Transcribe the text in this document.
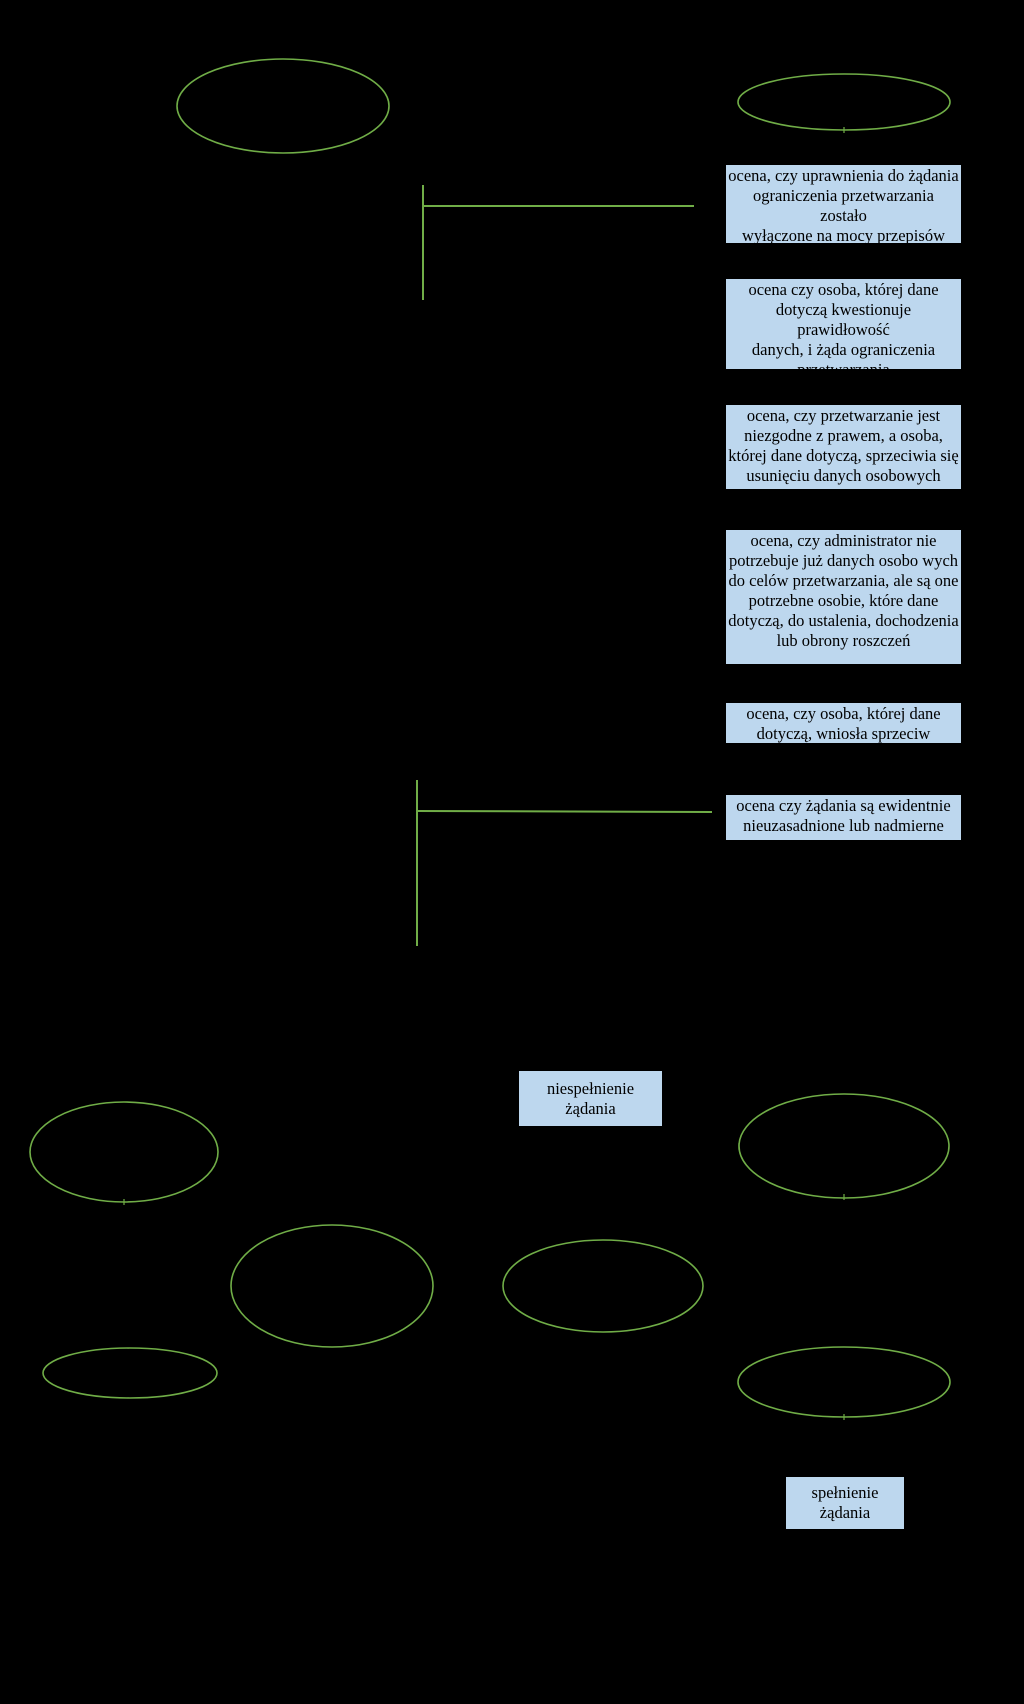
ocena, czy uprawnienia do żądania
ograniczenia przetwarzania zostało
wyłączone na mocy przepisów
szczególnych
ocena czy osoba, której dane
dotyczą kwestionuje prawidłowość
danych, i żąda ograniczenia
przetwarzania
ocena, czy przetwarzanie jest
niezgodne z prawem, a osoba,
której dane dotyczą, sprzeciwia się
usunięciu danych osobowych
ocena, czy administrator nie
potrzebuje już danych osobo wych
do celów przetwarzania, ale są one
potrzebne osobie, które dane
dotyczą, do ustalenia, dochodzenia
lub obrony roszczeń
ocena, czy osoba, której dane
dotyczą, wniosła sprzeciw
ocena czy żądania są ewidentnie
nieuzasadnione lub nadmierne
niespełnienie
żądania
spełnienie
żądania
